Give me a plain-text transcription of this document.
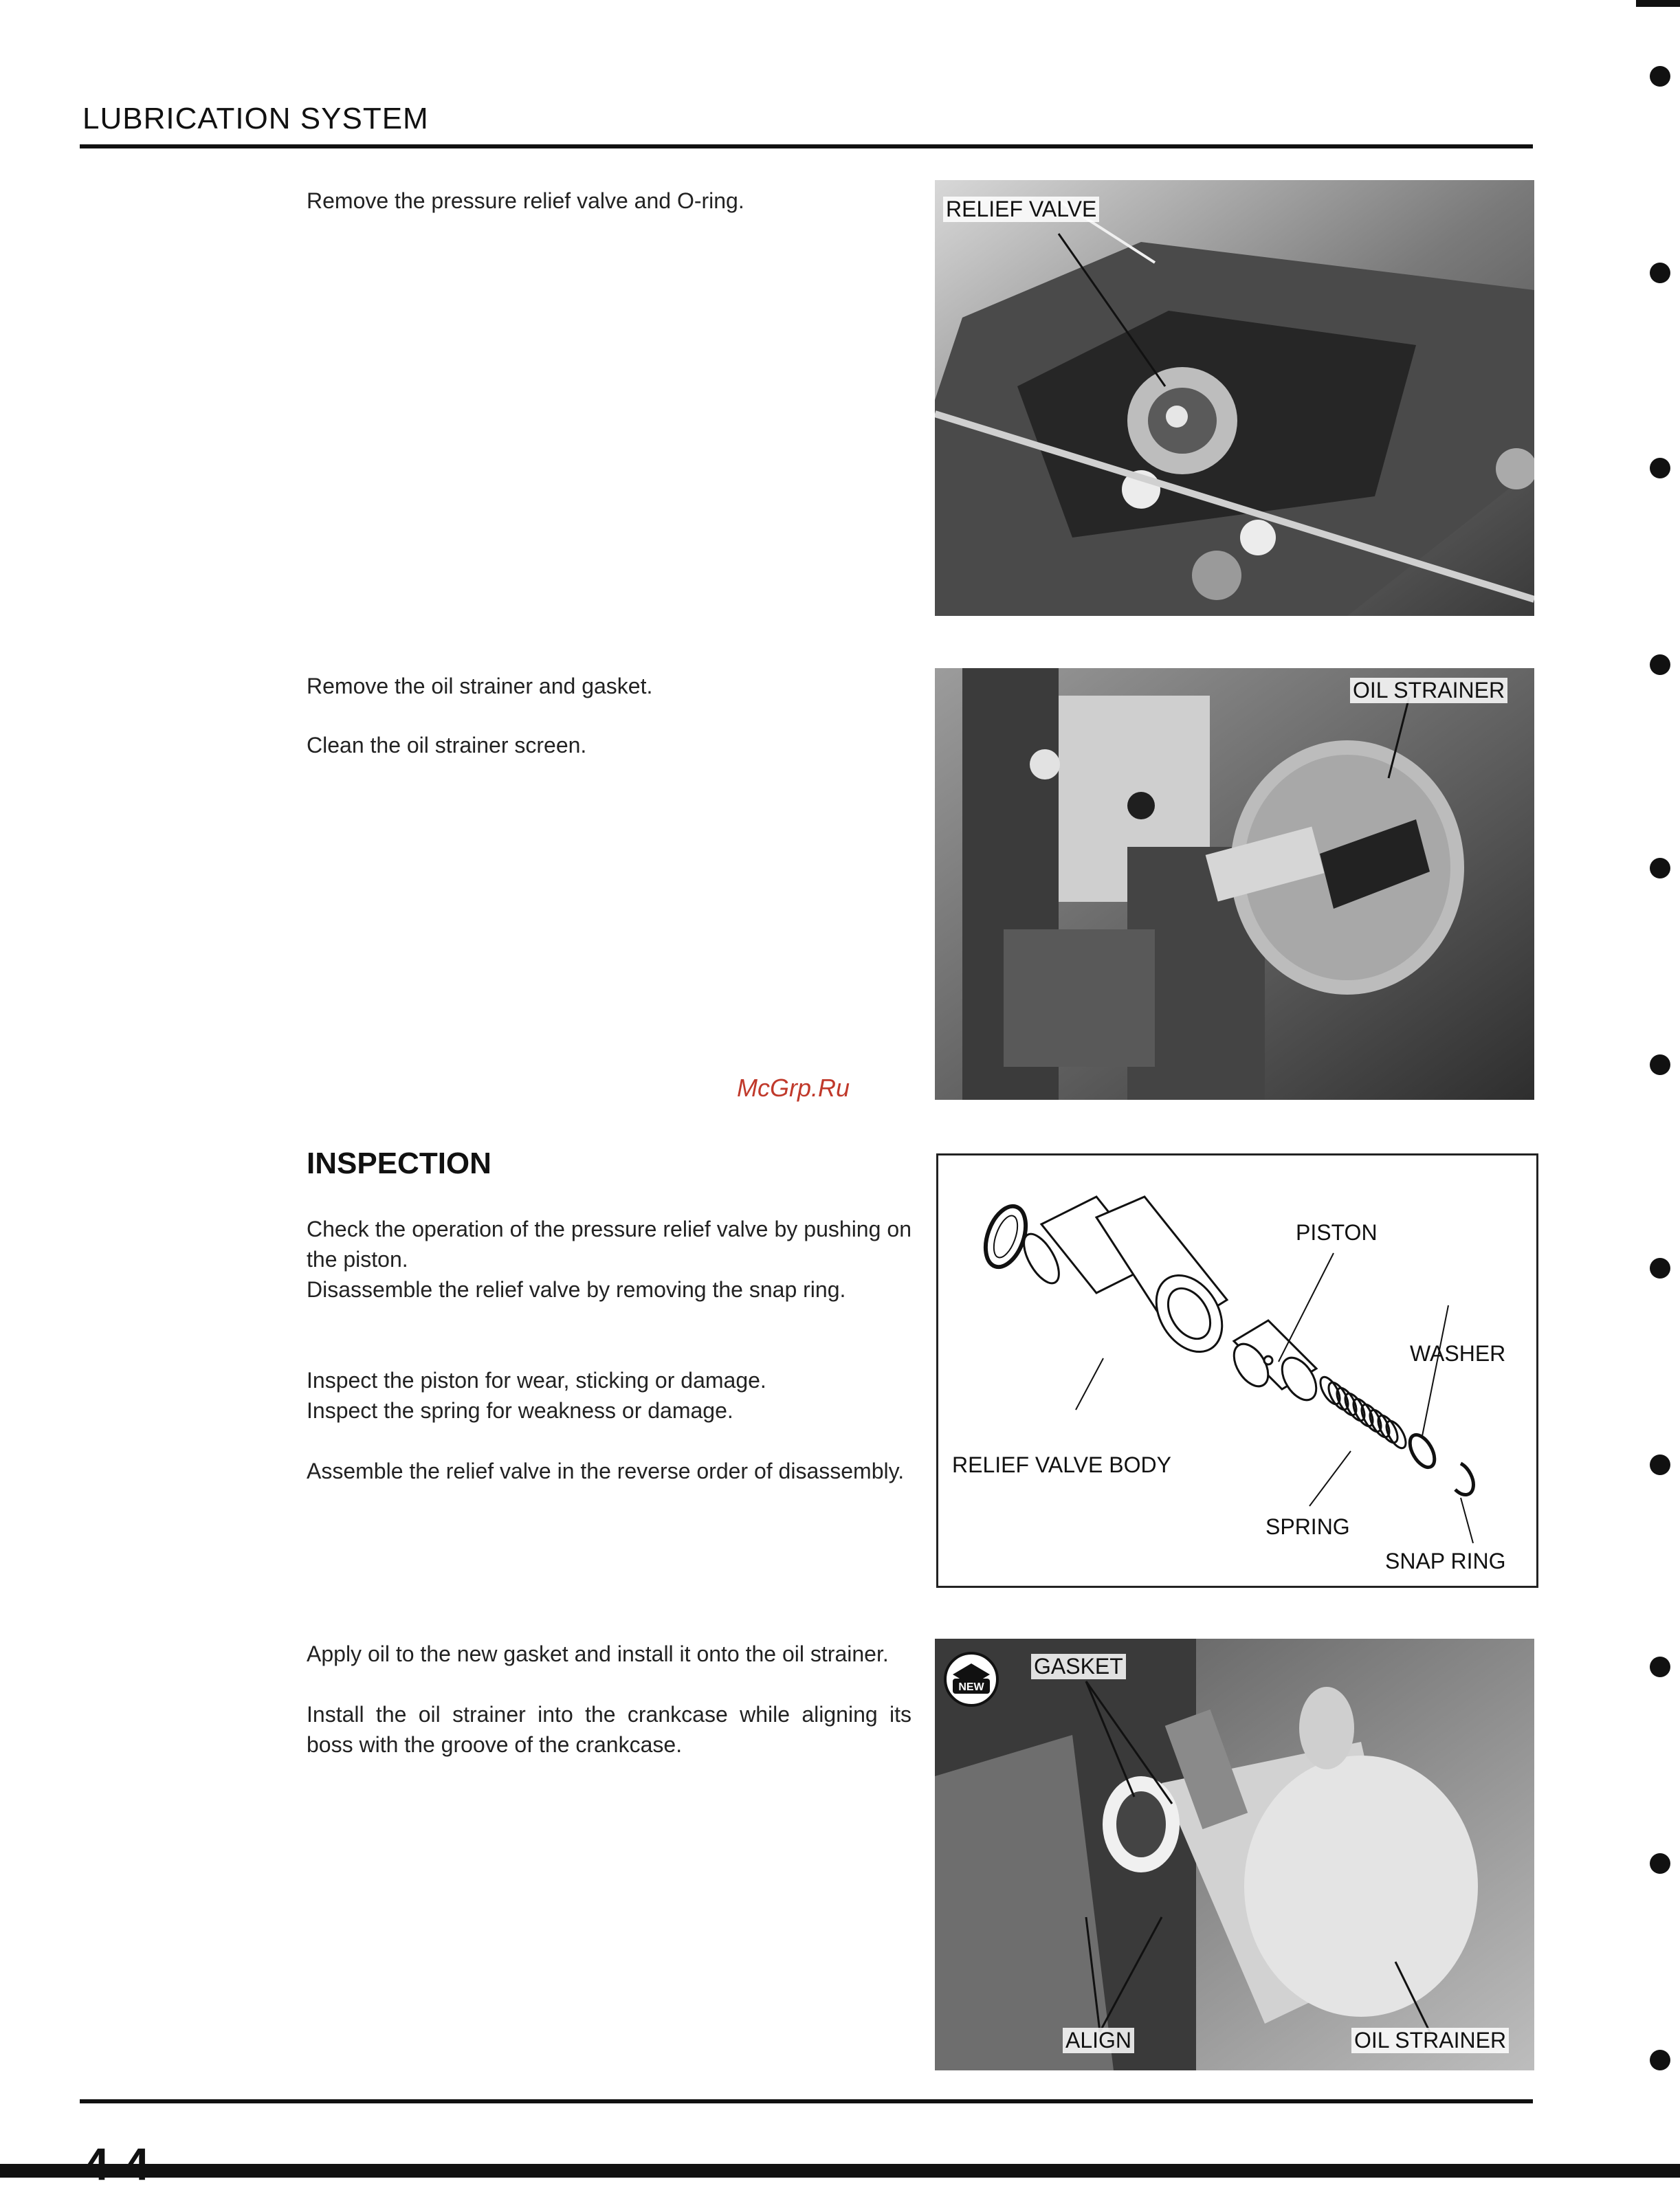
LUBRICATION SYSTEM
Remove the pressure relief valve and O-ring.	RELIEF VALVE
Remove the oil strainer and gasket.
Clean the oil strainer screen.
OIL STRAINER
McGrp.Ru
INSPECTION
Check the operation of the pressure relief valve by pushing on the piston.
Disassemble the relief valve by removing the snap ring.
Inspect the piston for wear, sticking or damage.
Inspect the spring for weakness or damage.
Assemble the relief valve in the reverse order of disassembly.
PISTON
WASHER
RELIEF VALVE BODY
SPRING
SNAP RING
Apply oil to the new gasket and install it onto the oil strainer.
Install the oil strainer into the crankcase while aligning its boss with the groove of the crankcase.
GASKET
ALIGN	OIL STRAINER
NEW
